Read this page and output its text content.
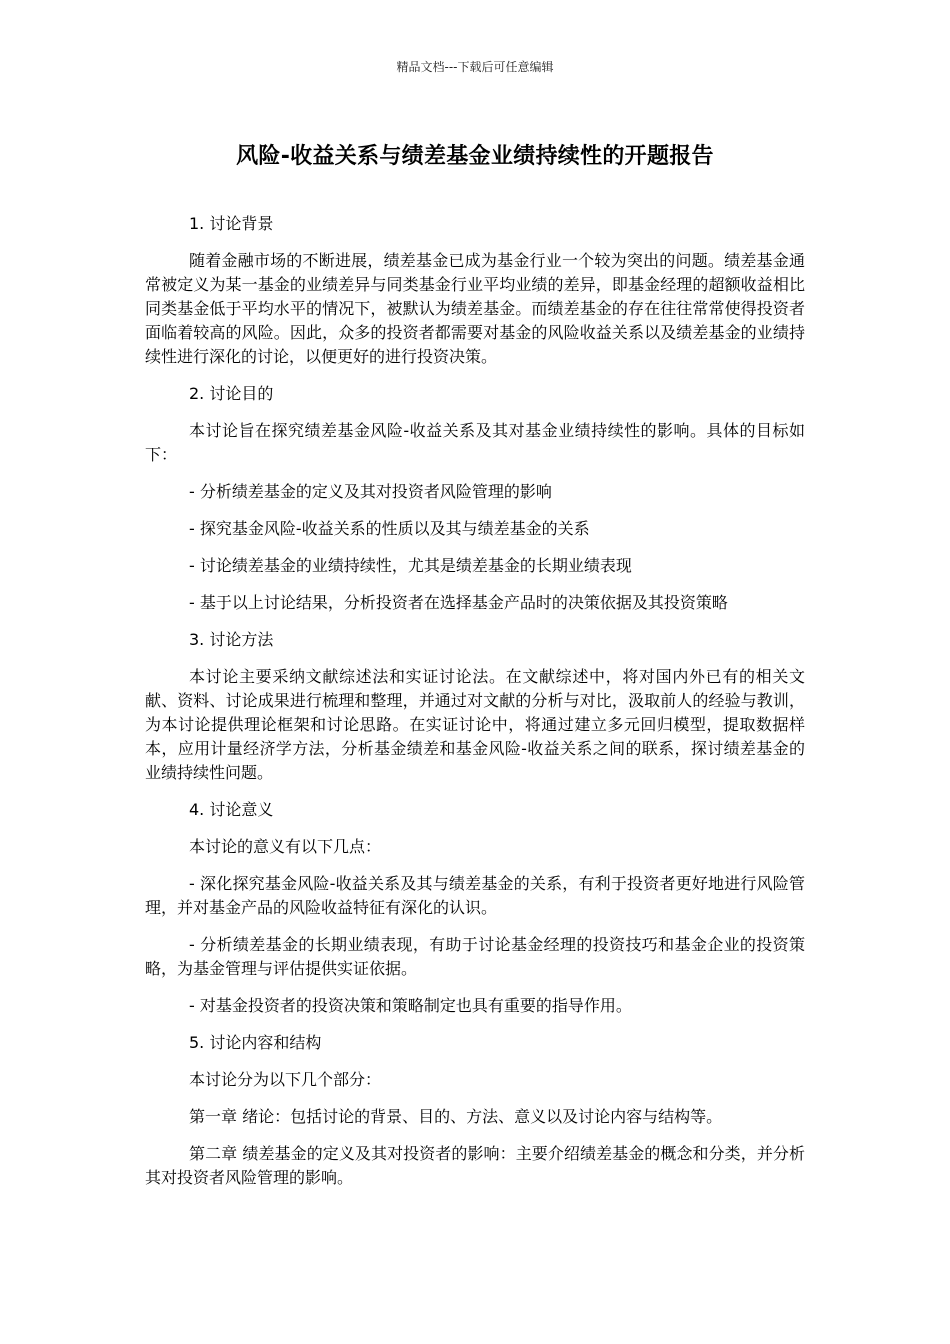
精品文档---下载后可任意编辑
风险-收益关系与绩差基金业绩持续性的开题报告

1. 讨论背景

随着金融市场的不断进展，绩差基金已成为基金行业一个较为突出的问题。绩差基金通常被定义为某一基金的业绩差异与同类基金行业平均业绩的差异，即基金经理的超额收益相比同类基金低于平均水平的情况下，被默认为绩差基金。而绩差基金的存在往往常常使得投资者面临着较高的风险。因此，众多的投资者都需要对基金的风险收益关系以及绩差基金的业绩持续性进行深化的讨论，以便更好的进行投资决策。

2. 讨论目的

本讨论旨在探究绩差基金风险-收益关系及其对基金业绩持续性的影响。具体的目标如下：

- 分析绩差基金的定义及其对投资者风险管理的影响

- 探究基金风险-收益关系的性质以及其与绩差基金的关系

- 讨论绩差基金的业绩持续性，尤其是绩差基金的长期业绩表现

- 基于以上讨论结果，分析投资者在选择基金产品时的决策依据及其投资策略

3. 讨论方法

本讨论主要采纳文献综述法和实证讨论法。在文献综述中，将对国内外已有的相关文献、资料、讨论成果进行梳理和整理，并通过对文献的分析与对比，汲取前人的经验与教训，为本讨论提供理论框架和讨论思路。在实证讨论中，将通过建立多元回归模型，提取数据样本，应用计量经济学方法，分析基金绩差和基金风险-收益关系之间的联系，探讨绩差基金的业绩持续性问题。

4. 讨论意义

本讨论的意义有以下几点：

- 深化探究基金风险-收益关系及其与绩差基金的关系，有利于投资者更好地进行风险管理，并对基金产品的风险收益特征有深化的认识。

- 分析绩差基金的长期业绩表现，有助于讨论基金经理的投资技巧和基金企业的投资策略，为基金管理与评估提供实证依据。

- 对基金投资者的投资决策和策略制定也具有重要的指导作用。

5. 讨论内容和结构

本讨论分为以下几个部分：

第一章 绪论：包括讨论的背景、目的、方法、意义以及讨论内容与结构等。

第二章 绩差基金的定义及其对投资者的影响：主要介绍绩差基金的概念和分类，并分析其对投资者风险管理的影响。
